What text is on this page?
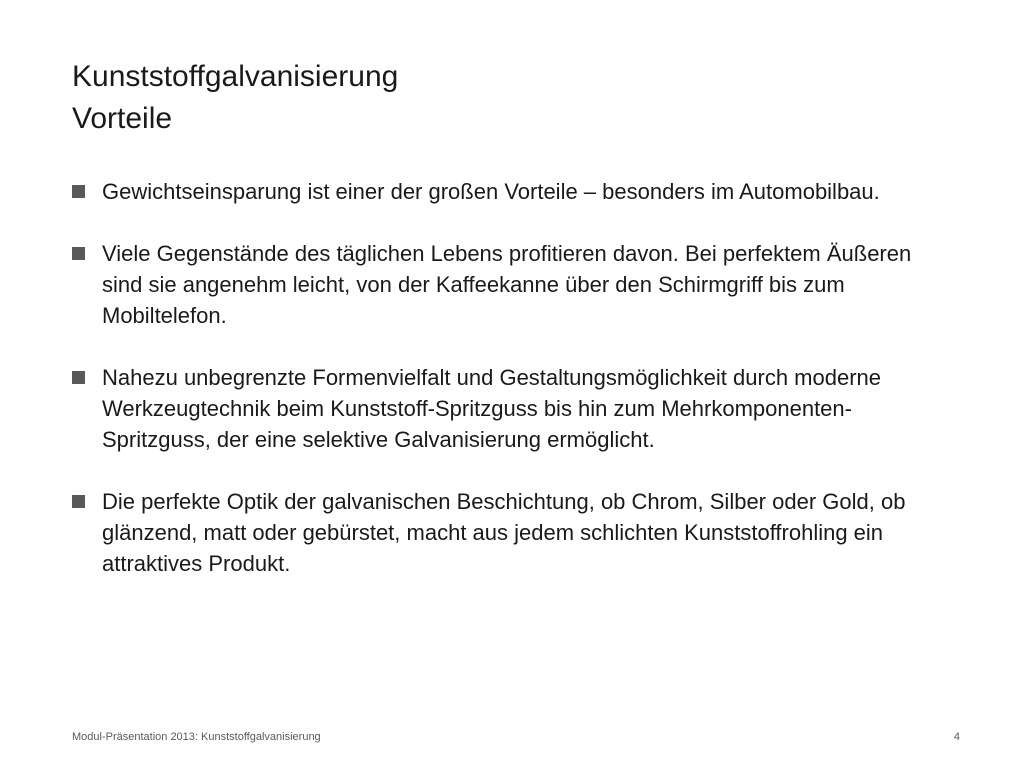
Kunststoffgalvanisierung
Vorteile
Gewichtseinsparung ist einer der großen Vorteile – besonders im Automobilbau.
Viele Gegenstände des täglichen Lebens profitieren davon. Bei perfektem Äußeren sind sie angenehm leicht, von der Kaffeekanne über den Schirmgriff bis zum Mobiltelefon.
Nahezu unbegrenzte Formenvielfalt und Gestaltungsmöglichkeit durch moderne Werkzeugtechnik beim Kunststoff-Spritzguss bis hin zum Mehrkomponenten-Spritzguss, der eine selektive Galvanisierung ermöglicht.
Die perfekte Optik der galvanischen Beschichtung, ob Chrom, Silber oder Gold, ob glänzend, matt oder gebürstet, macht aus jedem schlichten Kunststoffrohling ein attraktives Produkt.
Modul-Präsentation 2013: Kunststoffgalvanisierung	4
